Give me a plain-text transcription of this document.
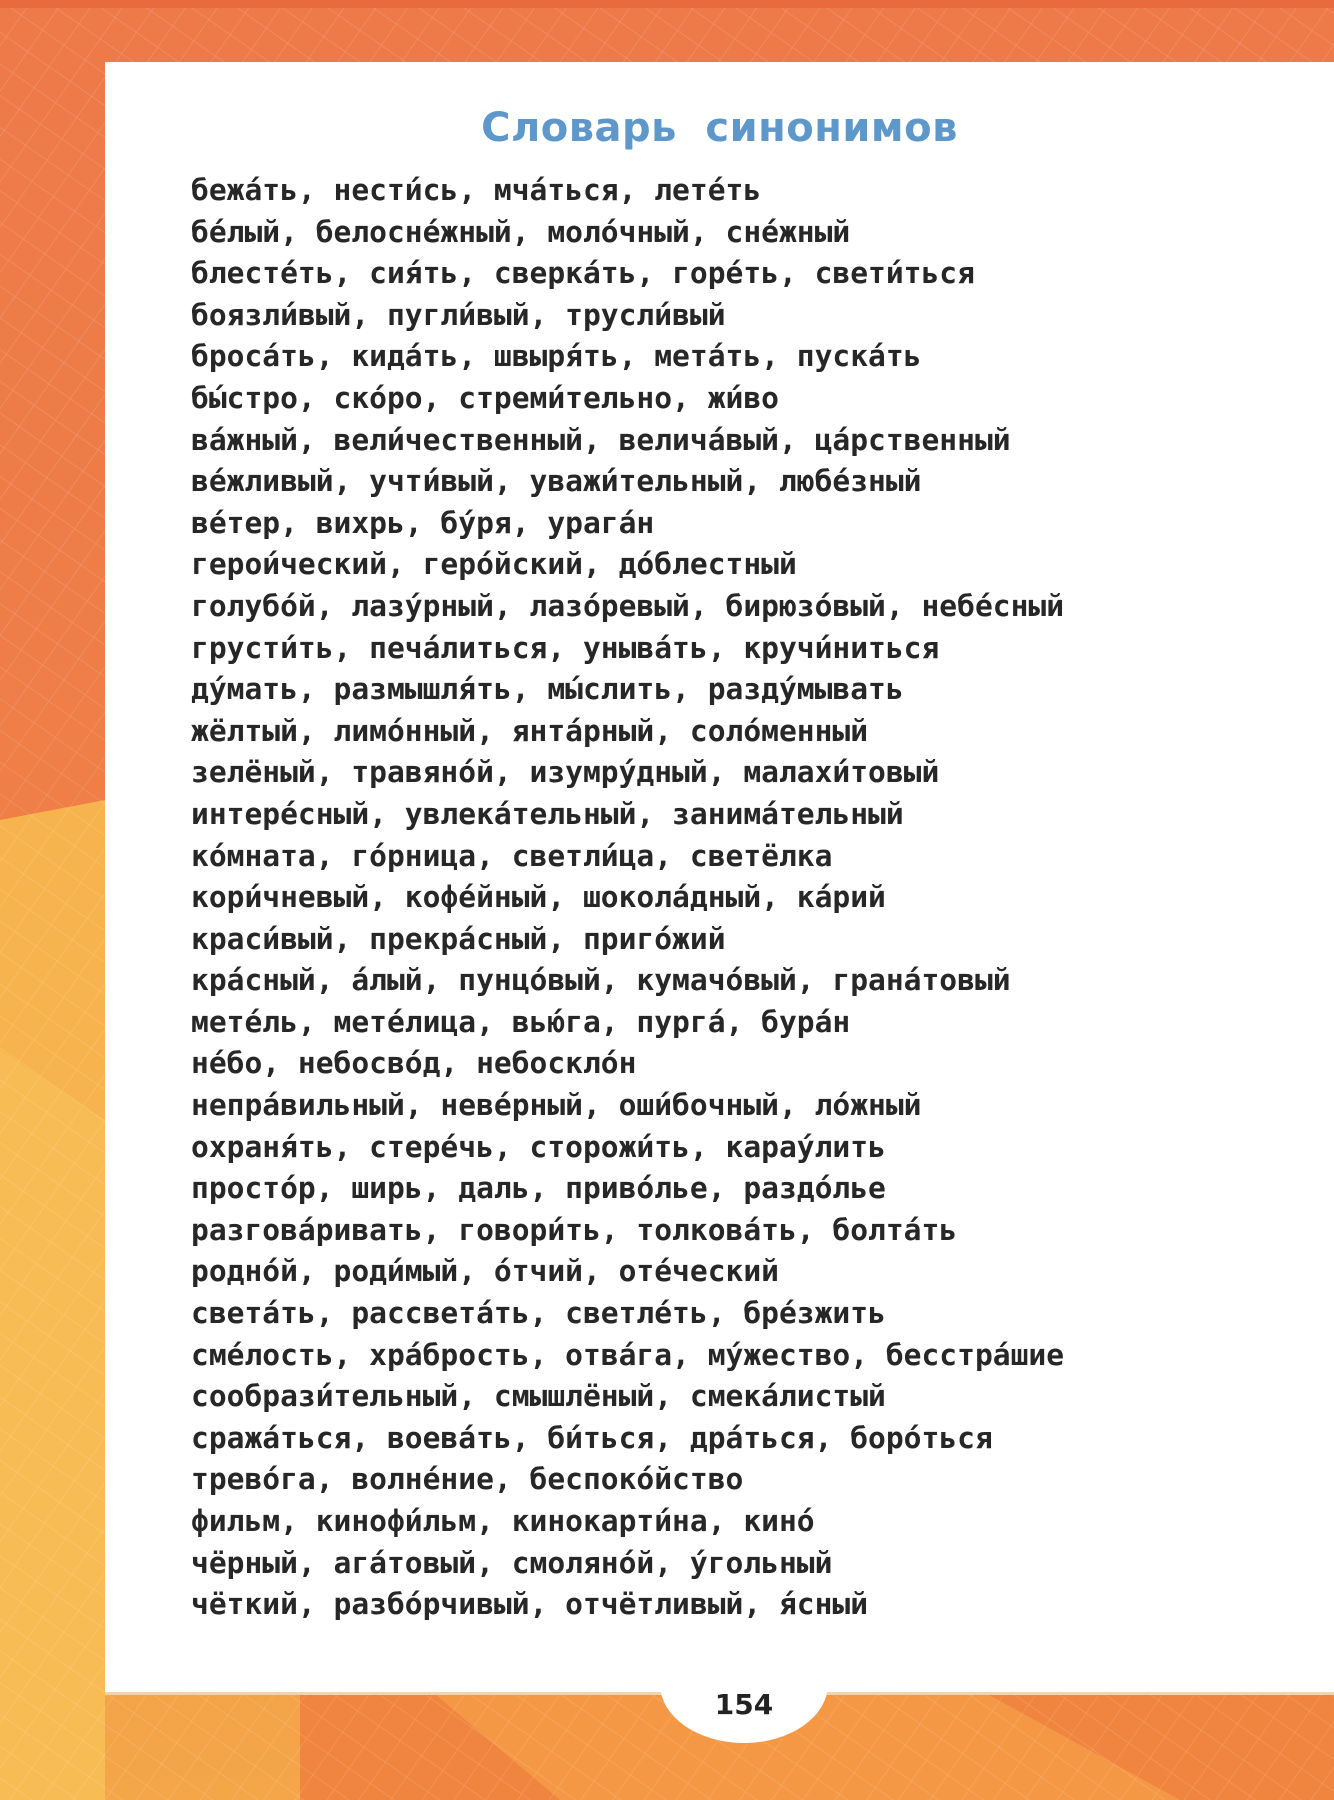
Словарь синонимов
бежа́ть, нести́сь, мча́ться, лете́ть
бе́лый, белосне́жный, моло́чный, сне́жный
блесте́ть, сия́ть, сверка́ть, горе́ть, свети́ться
боязли́вый, пугли́вый, трусли́вый
броса́ть, кида́ть, швыря́ть, мета́ть, пуска́ть
бы́стро, ско́ро, стреми́тельно, жи́во
ва́жный, вели́чественный, велича́вый, ца́рственный
ве́жливый, учти́вый, уважи́тельный, любе́зный
ве́тер, вихрь, бу́ря, урага́н
герои́ческий, геро́йский, до́блестный
голубо́й, лазу́рный, лазо́ревый, бирюзо́вый, небе́сный
грусти́ть, печа́литься, уныва́ть, кручи́ниться
ду́мать, размышля́ть, мы́слить, разду́мывать
жёлтый, лимо́нный, янта́рный, соло́менный
зелёный, травяно́й, изумру́дный, малахи́товый
интере́сный, увлека́тельный, занима́тельный
ко́мната, го́рница, светли́ца, светёлка
кори́чневый, кофе́йный, шокола́дный, ка́рий
краси́вый, прекра́сный, приго́жий
кра́сный, а́лый, пунцо́вый, кумачо́вый, грана́товый
мете́ль, мете́лица, вью́га, пурга́, бура́н
не́бо, небосво́д, небоскло́н
непра́вильный, неве́рный, оши́бочный, ло́жный
охраня́ть, стере́чь, сторожи́ть, карау́лить
просто́р, ширь, даль, приво́лье, раздо́лье
разгова́ривать, говори́ть, толкова́ть, болта́ть
родно́й, роди́мый, о́тчий, оте́ческий
света́ть, рассвета́ть, светле́ть, бре́зжить
сме́лость, хра́брость, отва́га, му́жество, бесстра́шие
сообрази́тельный, смышлёный, смека́листый
сража́ться, воева́ть, би́ться, дра́ться, боро́ться
трево́га, волне́ние, беспоко́йство
фильм, кинофи́льм, кинокарти́на, кино́
чёрный, ага́товый, смоляно́й, у́гольный
чёткий, разбо́рчивый, отчётливый, я́сный
154
